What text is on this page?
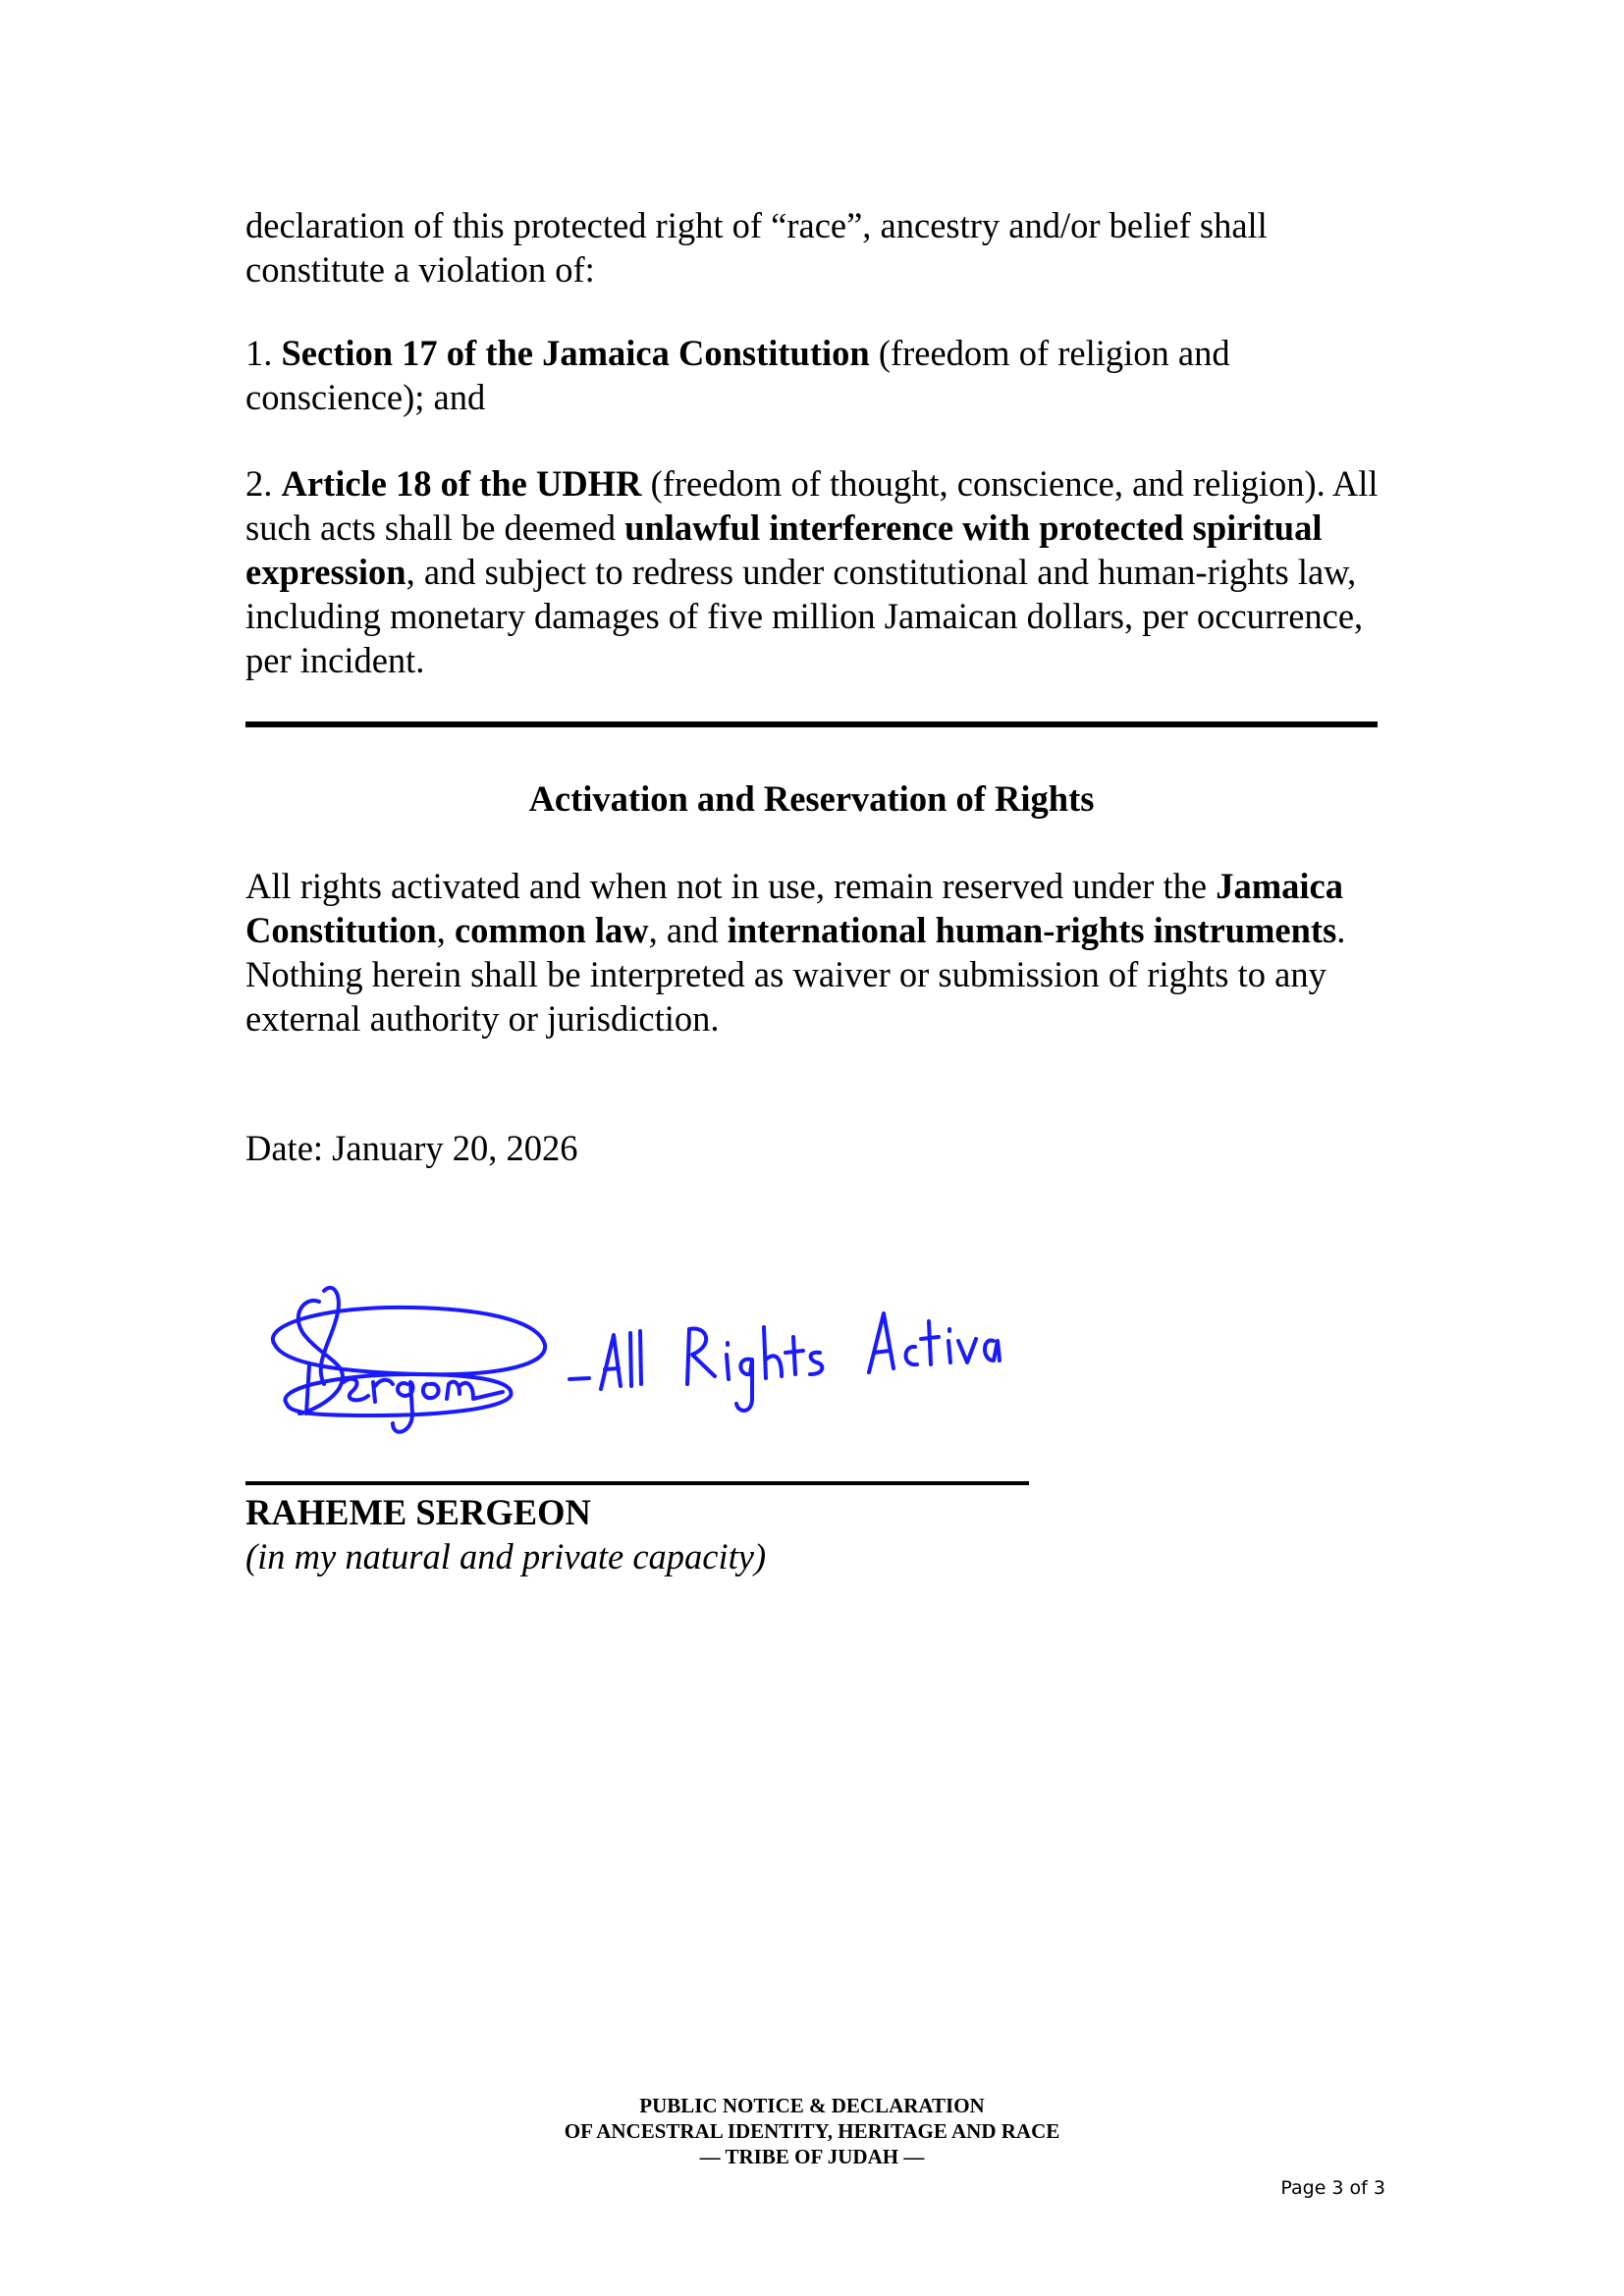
declaration of this protected right of “race”, ancestry and/or belief shall constitute a violation of:

1. Section 17 of the Jamaica Constitution (freedom of religion and conscience); and

2. Article 18 of the UDHR (freedom of thought, conscience, and religion). All such acts shall be deemed unlawful interference with protected spiritual expression, and subject to redress under constitutional and human-rights law, including monetary damages of five million Jamaican dollars, per occurrence, per incident.

Activation and Reservation of Rights

All rights activated and when not in use, remain reserved under the Jamaica Constitution, common law, and international human-rights instruments. Nothing herein shall be interpreted as waiver or submission of rights to any external authority or jurisdiction.

Date: January 20, 2026

RAHEME SERGEON

(in my natural and private capacity)

PUBLIC NOTICE & DECLARATION
OF ANCESTRAL IDENTITY, HERITAGE AND RACE
— TRIBE OF JUDAH —
Page 3 of 3
